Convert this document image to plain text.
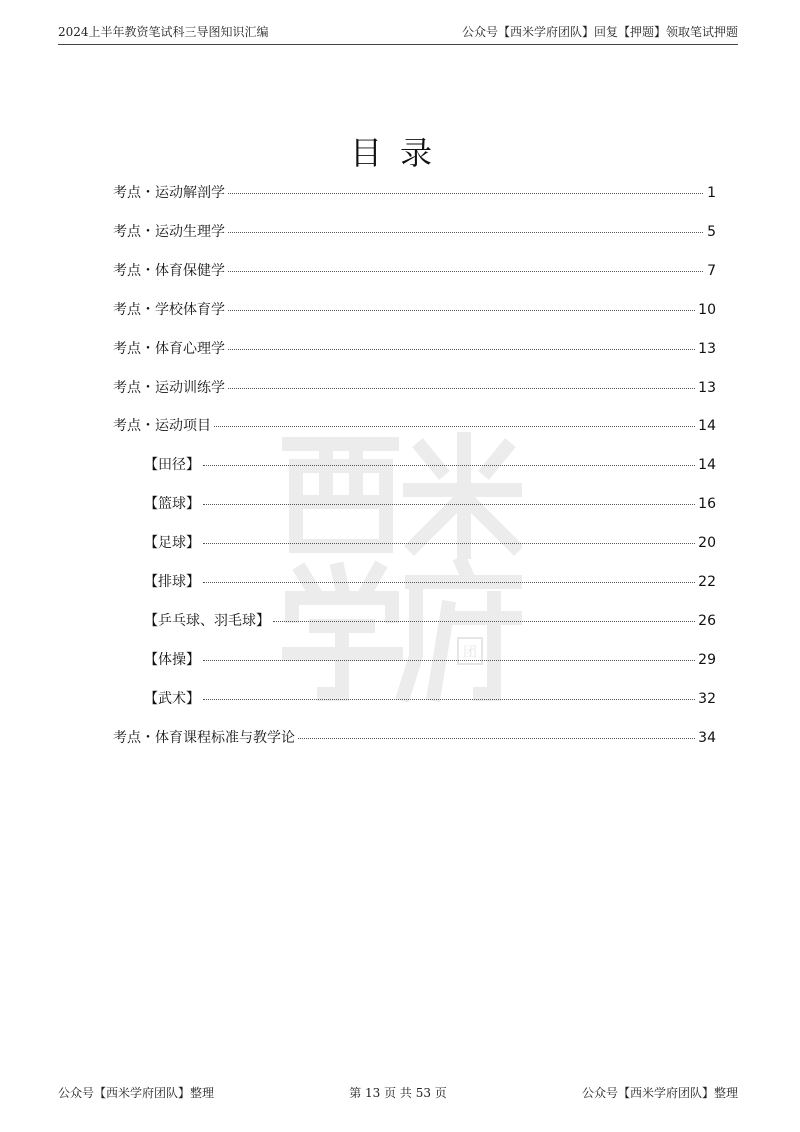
2024上半年教资笔试科三导图知识汇编	公众号【西米学府团队】回复【押题】领取笔试押题
团
目录
考点・运动解剖学	1
考点・运动生理学	5
考点・体育保健学	7
考点・学校体育学	10
考点・体育心理学	13
考点・运动训练学	13
考点・运动项目	14
【田径】	14
【篮球】	16
【足球】	20
【排球】	22
【乒乓球、羽毛球】	26
【体操】	29
【武术】	32
考点・体育课程标准与教学论	34
公众号【西米学府团队】整理	第 13 页 共 53 页	公众号【西米学府团队】整理
